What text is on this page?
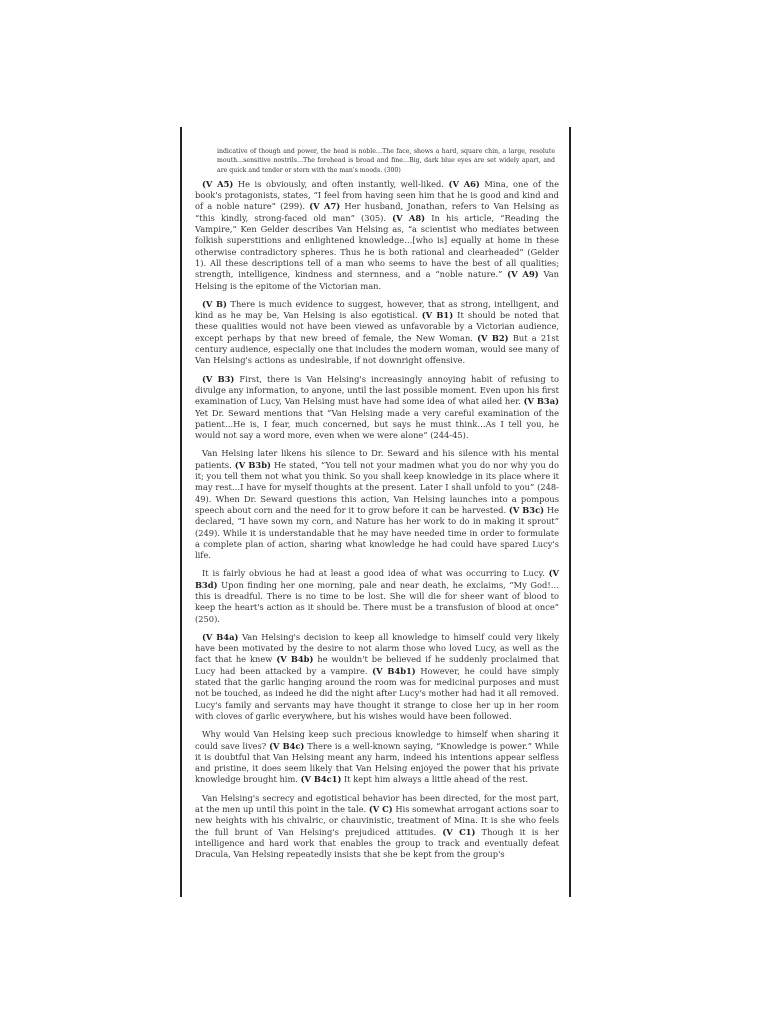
indicative of though and power, the head is noble…The face, shows a hard, square chin, a large, resolute mouth…sensitive nostrils…The forehead is broad and fine…Big, dark blue eyes are set widely apart, and are quick and tender or stern with the man's moods. (300)

(V A5) He is obviously, and often instantly, well-liked. (V A6) Mina, one of the book's protagonists, states, “I feel from having seen him that he is good and kind and of a noble nature” (299). (V A7) Her husband, Jonathan, refers to Van Helsing as “this kindly, strong-faced old man” (305). (V A8) In his article, “Reading the Vampire,” Ken Gelder describes Van Helsing as, “a scientist who mediates between folkish superstitions and enlightened knowledge…[who is] equally at home in these otherwise contradictory spheres. Thus he is both rational and clearheaded” (Gelder 1). All these descriptions tell of a man who seems to have the best of all qualities; strength, intelligence, kindness and sternness, and a “noble nature.” (V A9) Van Helsing is the epitome of the Victorian man.

(V B) There is much evidence to suggest, however, that as strong, intelligent, and kind as he may be, Van Helsing is also egotistical. (V B1) It should be noted that these qualities would not have been viewed as unfavorable by a Victorian audience, except perhaps by that new breed of female, the New Woman. (V B2) But a 21st century audience, especially one that includes the modern woman, would see many of Van Helsing's actions as undesirable, if not downright offensive.

(V B3) First, there is Van Helsing's increasingly annoying habit of refusing to divulge any information, to anyone, until the last possible moment. Even upon his first examination of Lucy, Van Helsing must have had some idea of what ailed her. (V B3a) Yet Dr. Seward mentions that “Van Helsing made a very careful examination of the patient…He is, I fear, much concerned, but says he must think…As I tell you, he would not say a word more, even when we were alone” (244-45).

Van Helsing later likens his silence to Dr. Seward and his silence with his mental patients. (V B3b) He stated, “You tell not your madmen what you do nor why you do it; you tell them not what you think. So you shall keep knowledge in its place where it may rest…I have for myself thoughts at the present. Later I shall unfold to you” (248-49). When Dr. Seward questions this action, Van Helsing launches into a pompous speech about corn and the need for it to grow before it can be harvested. (V B3c) He declared, “I have sown my corn, and Nature has her work to do in making it sprout” (249). While it is understandable that he may have needed time in order to formulate a complete plan of action, sharing what knowledge he had could have spared Lucy's life.

It is fairly obvious he had at least a good idea of what was occurring to Lucy. (V B3d) Upon finding her one morning, pale and near death, he exclaims, “My God!…this is dreadful. There is no time to be lost. She will die for sheer want of blood to keep the heart's action as it should be. There must be a transfusion of blood at once” (250).

(V B4a) Van Helsing's decision to keep all knowledge to himself could very likely have been motivated by the desire to not alarm those who loved Lucy, as well as the fact that he knew (V B4b) he wouldn't be believed if he suddenly proclaimed that Lucy had been attacked by a vampire. (V B4b1) However, he could have simply stated that the garlic hanging around the room was for medicinal purposes and must not be touched, as indeed he did the night after Lucy's mother had had it all removed. Lucy's family and servants may have thought it strange to close her up in her room with cloves of garlic everywhere, but his wishes would have been followed.

Why would Van Helsing keep such precious knowledge to himself when sharing it could save lives? (V B4c) There is a well-known saying, “Knowledge is power.” While it is doubtful that Van Helsing meant any harm, indeed his intentions appear selfless and pristine, it does seem likely that Van Helsing enjoyed the power that his private knowledge brought him. (V B4c1) It kept him always a little ahead of the rest.

Van Helsing's secrecy and egotistical behavior has been directed, for the most part, at the men up until this point in the tale. (V C) His somewhat arrogant actions soar to new heights with his chivalric, or chauvinistic, treatment of Mina. It is she who feels the full brunt of Van Helsing's prejudiced attitudes. (V C1) Though it is her intelligence and hard work that enables the group to track and eventually defeat Dracula, Van Helsing repeatedly insists that she be kept from the group's
